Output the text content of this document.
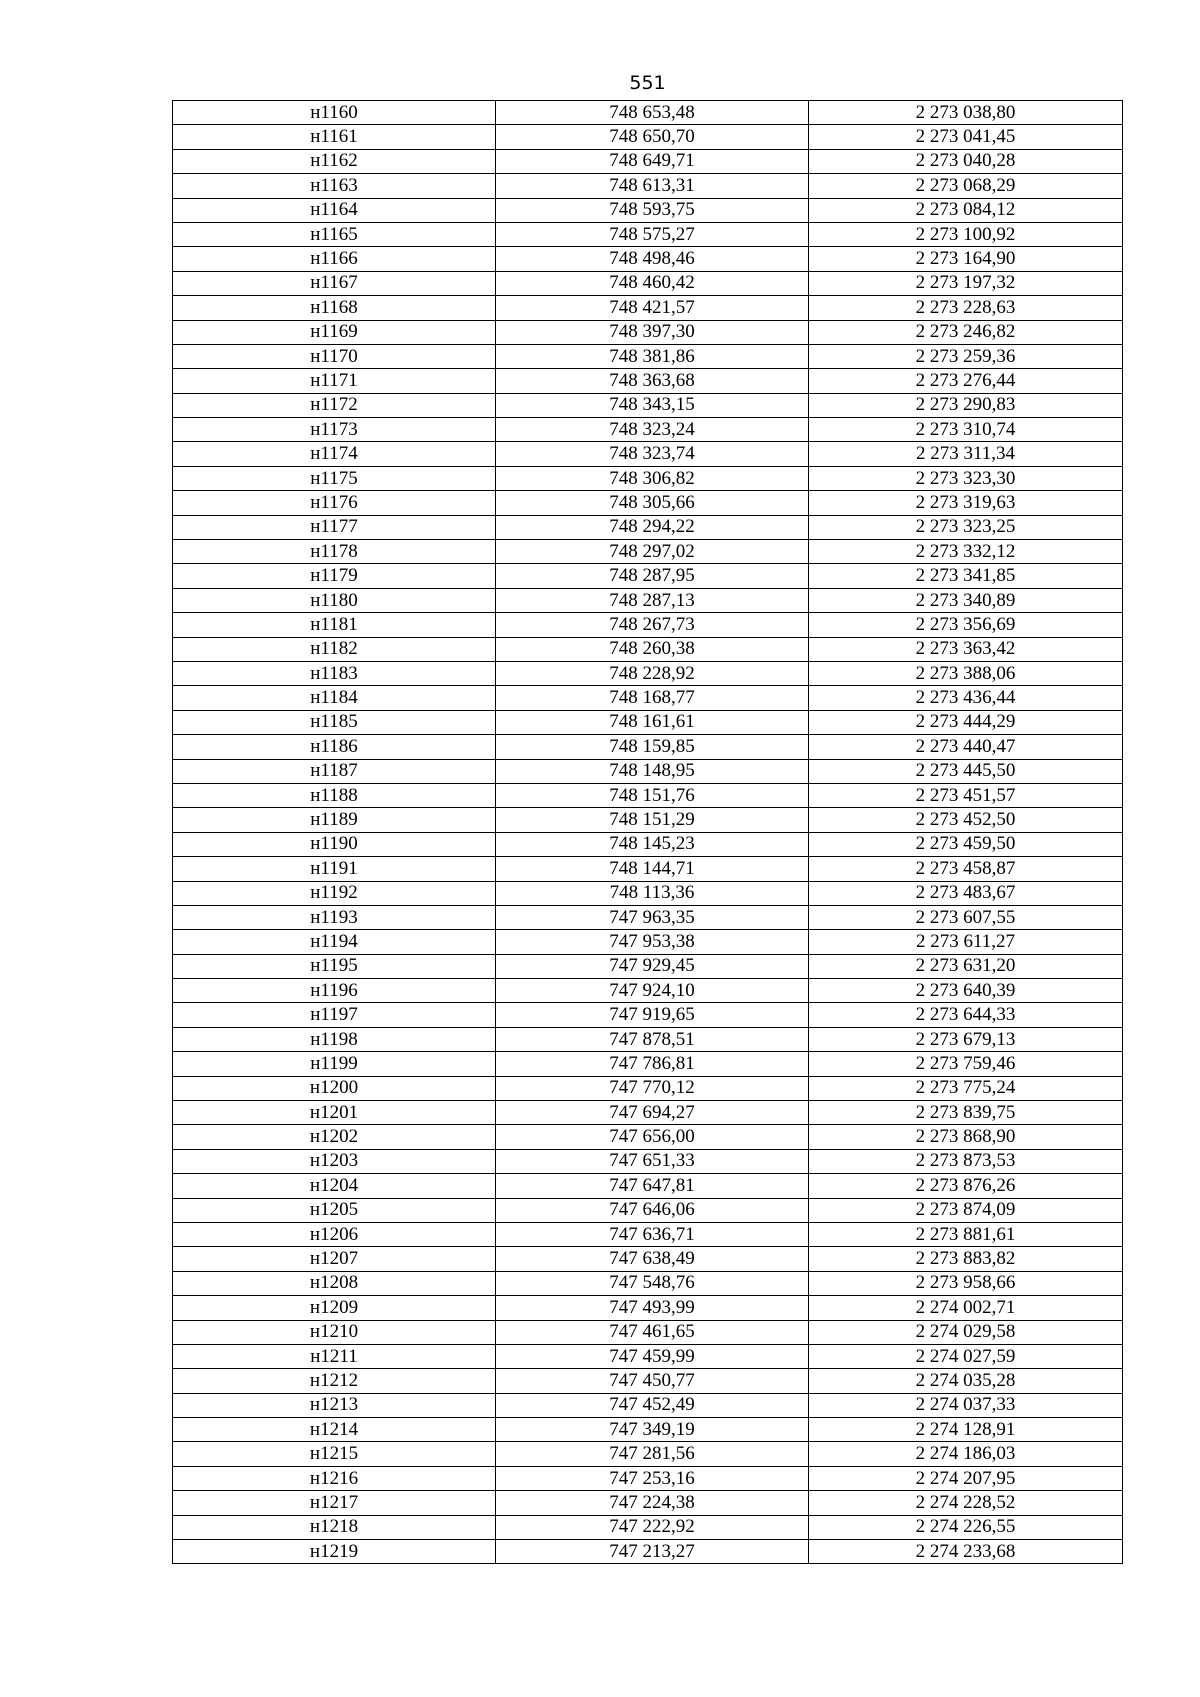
551
н1160	748 653,48	2 273 038,80
н1161	748 650,70	2 273 041,45
н1162	748 649,71	2 273 040,28
н1163	748 613,31	2 273 068,29
н1164	748 593,75	2 273 084,12
н1165	748 575,27	2 273 100,92
н1166	748 498,46	2 273 164,90
н1167	748 460,42	2 273 197,32
н1168	748 421,57	2 273 228,63
н1169	748 397,30	2 273 246,82
н1170	748 381,86	2 273 259,36
н1171	748 363,68	2 273 276,44
н1172	748 343,15	2 273 290,83
н1173	748 323,24	2 273 310,74
н1174	748 323,74	2 273 311,34
н1175	748 306,82	2 273 323,30
н1176	748 305,66	2 273 319,63
н1177	748 294,22	2 273 323,25
н1178	748 297,02	2 273 332,12
н1179	748 287,95	2 273 341,85
н1180	748 287,13	2 273 340,89
н1181	748 267,73	2 273 356,69
н1182	748 260,38	2 273 363,42
н1183	748 228,92	2 273 388,06
н1184	748 168,77	2 273 436,44
н1185	748 161,61	2 273 444,29
н1186	748 159,85	2 273 440,47
н1187	748 148,95	2 273 445,50
н1188	748 151,76	2 273 451,57
н1189	748 151,29	2 273 452,50
н1190	748 145,23	2 273 459,50
н1191	748 144,71	2 273 458,87
н1192	748 113,36	2 273 483,67
н1193	747 963,35	2 273 607,55
н1194	747 953,38	2 273 611,27
н1195	747 929,45	2 273 631,20
н1196	747 924,10	2 273 640,39
н1197	747 919,65	2 273 644,33
н1198	747 878,51	2 273 679,13
н1199	747 786,81	2 273 759,46
н1200	747 770,12	2 273 775,24
н1201	747 694,27	2 273 839,75
н1202	747 656,00	2 273 868,90
н1203	747 651,33	2 273 873,53
н1204	747 647,81	2 273 876,26
н1205	747 646,06	2 273 874,09
н1206	747 636,71	2 273 881,61
н1207	747 638,49	2 273 883,82
н1208	747 548,76	2 273 958,66
н1209	747 493,99	2 274 002,71
н1210	747 461,65	2 274 029,58
н1211	747 459,99	2 274 027,59
н1212	747 450,77	2 274 035,28
н1213	747 452,49	2 274 037,33
н1214	747 349,19	2 274 128,91
н1215	747 281,56	2 274 186,03
н1216	747 253,16	2 274 207,95
н1217	747 224,38	2 274 228,52
н1218	747 222,92	2 274 226,55
н1219	747 213,27	2 274 233,68
